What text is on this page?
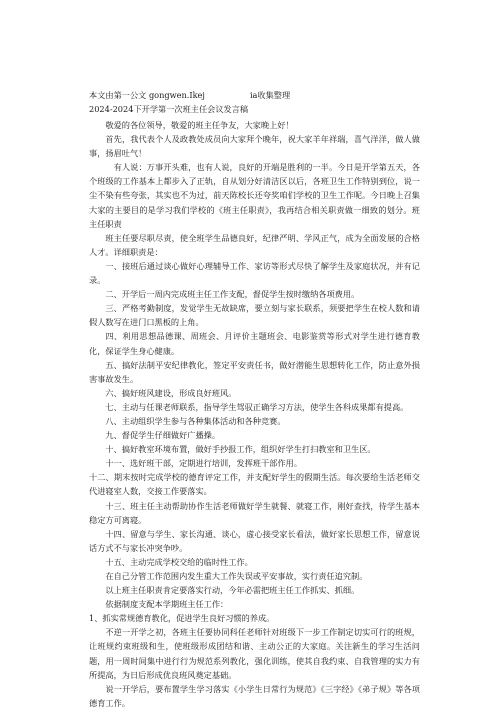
本文由第一公文 gongwen.Ikej	ia收集整理
2024-2024下开学第一次班主任会议发言稿

敬爱的各位领导，敬爱的班主任争友，大家晚上好！

首先，我代表个人及政教处成员向大家拜个晚年，祝大家羊年祥瑞，喜气洋洋，做人做事，扬眉吐气！

有人说：万事开头难，也有人说，良好的开端是胜利的一半。今日是开学第五天，各个班级的工作基本上都步入了正轨，自从划分好清洁区以后，各班卫生工作特别到位，说一尘不染有些夸张，其实也不为过，前天陈校长还夸奖咱们学校的卫生工作呢。今日晚上召集大家的主要目的是学习我们学校的《班主任职责》，我再结合相关职责做一细致的划分。班主任职责

班主任要尽职尽责，使全班学生品德良好，纪律严明、学风正气，成为全面发展的合格人才。详细职责是：

一、接班后通过谈心做好心理辅导工作、家访等形式尽快了解学生及家庭状况，并有记录。

二、开学后一周内完成班主任工作支配，督促学生按时缴纳各项费用。

三、严格考勤制度，发觉学生无故缺席，要立刻与家长联系，须要把学生在校人数和请假人数写在进门口黑板的上角。

四、利用思想品德课、周班会、月评价主题班会、电影鉴赏等形式对学生进行德育教化，保证学生身心健康。

五、搞好法制平安纪律教化，签定平安责任书，做好潜能生思想转化工作，防止意外损害事故发生。

六、搞好班风建设，形成良好班风。

七、主动与任课老师联系，指导学生驾驭正确学习方法，使学生各科成果都有提高。

八、主动组织学生参与各种集体活动和各种竞赛。

九、督促学生仔细做好广播操。

十、搞好教室环境布置，做好手抄报工作，组织好学生打扫教室和卫生区。

十一、选好班干部，定期进行培训，发挥班干部作用。

十二、期末按时完成学校的德育评定工作，并支配好学生的假期生活。每次要给生活老师交代进寝室人数，交接工作要落实。

十三、班主任主动帮助协作生活老师做好学生就餐、就寝工作，刚好查找，待学生基本稳定方可离寝。

十四、留意与学生、家长沟通、谈心，虚心接受家长看法，做好家长思想工作，留意说话方式不与家长冲突争吵。

十五、主动完成学校交给的临时性工作。

在自己分管工作范围内发生重大工作失误或平安事故，实行责任追究制。

以上班主任职责肯定要落实行动，今年必需把班主任工作抓实、抓细。

依据制度支配本学期班主任工作：

1、抓实常规德育教化，促进学生良好习惯的养成。

不逆一开学之初，各班主任要协同科任老师针对班级下一步工作制定切实可行的班规，让班规约束班级和生，使班级形成团结和谐、主动公正的大家庭。关注新生的学习生活问题，用一周时间集中进行行为规范系列教化，强化训练，使其自我约束、自我管理的实力有所提高，为日后形成优良班风奠定基础。

说一开学后，要布置学生学习落实《小学生日常行为规范》《三字经》《弟子规》等各项德育工作。
